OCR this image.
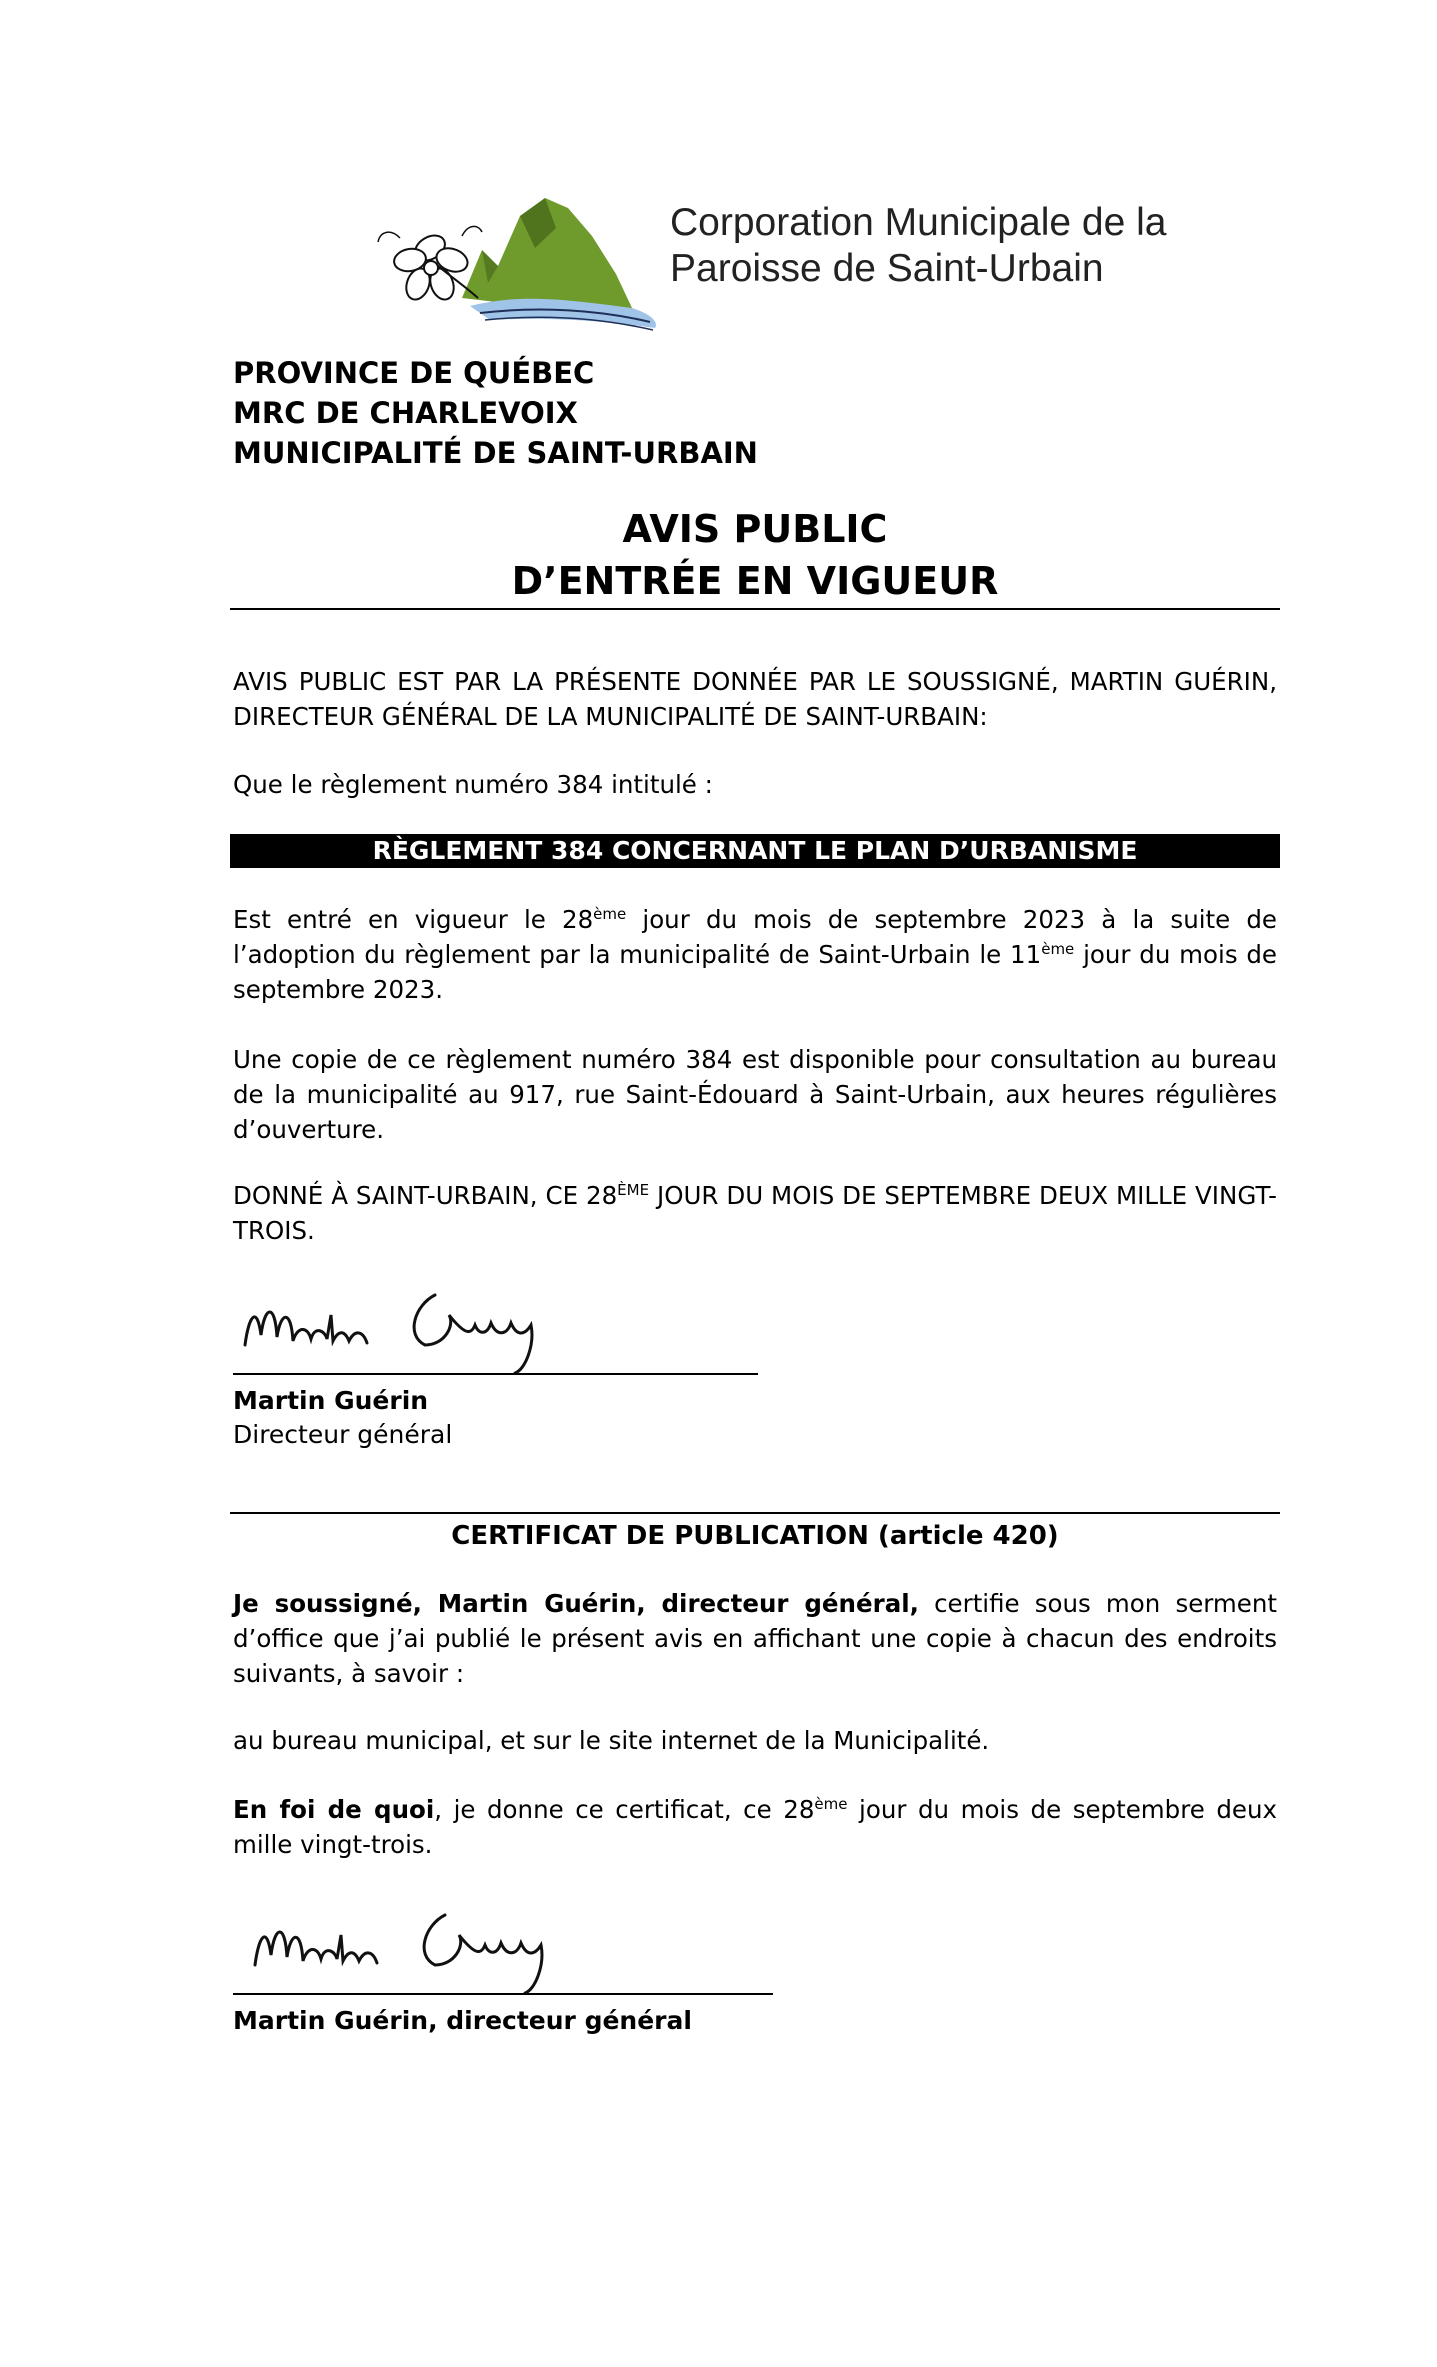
Corporation Municipale de la
Paroisse de Saint-Urbain
PROVINCE DE QUÉBEC
MRC DE CHARLEVOIX
MUNICIPALITÉ DE SAINT-URBAIN
AVIS PUBLIC
D’ENTRÉE EN VIGUEUR
AVIS PUBLIC EST PAR LA PRÉSENTE DONNÉE PAR LE SOUSSIGNÉ, MARTIN GUÉRIN, DIRECTEUR GÉNÉRAL DE LA MUNICIPALITÉ DE SAINT-URBAIN:
Que le règlement numéro 384 intitulé :
RÈGLEMENT 384 CONCERNANT LE PLAN D’URBANISME
Est entré en vigueur le 28ème jour du mois de septembre 2023 à la suite de l’adoption du règlement par la municipalité de Saint-Urbain le 11ème jour du mois de septembre 2023.
Une copie de ce règlement numéro 384 est disponible pour consultation au bureau de la municipalité au 917, rue Saint-Édouard à Saint-Urbain, aux heures régulières d’ouverture.
DONNÉ À SAINT-URBAIN, CE 28ÈME JOUR DU MOIS DE SEPTEMBRE DEUX MILLE VINGT-TROIS.
Martin Guérin
Directeur général
CERTIFICAT DE PUBLICATION (article 420)
Je soussigné, Martin Guérin, directeur général, certifie sous mon serment d’office que j’ai publié le présent avis en affichant une copie à chacun des endroits suivants, à savoir :
au bureau municipal, et sur le site internet de la Municipalité.
En foi de quoi, je donne ce certificat, ce 28ème jour du mois de septembre deux mille vingt-trois.
Martin Guérin, directeur général
